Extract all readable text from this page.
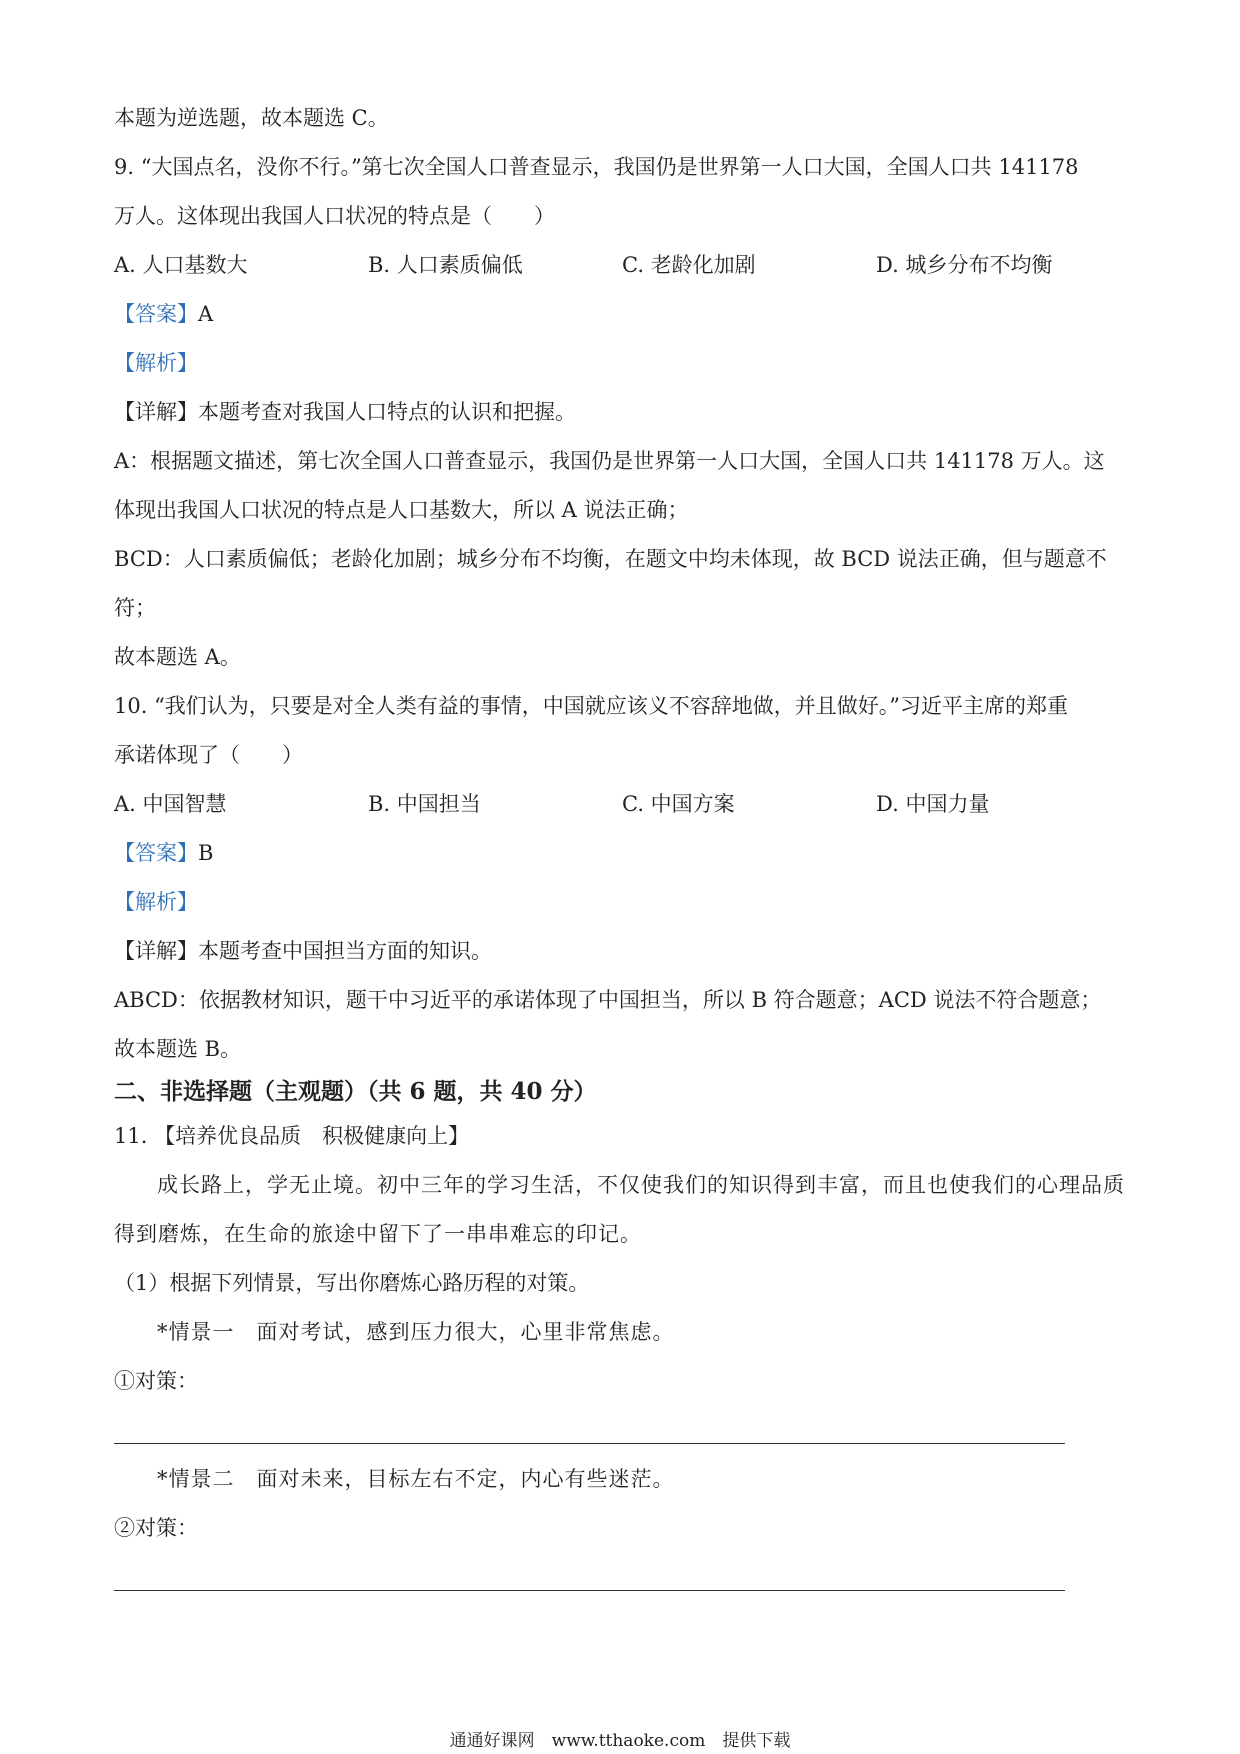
本题为逆选题，故本题选 C。
9. “大国点名，没你不行。”第七次全国人口普查显示，我国仍是世界第一人口大国，全国人口共 141178
万人。这体现出我国人口状况的特点是（　　）
A. 人口基数大	B. 人口素质偏低	C. 老龄化加剧	D. 城乡分布不均衡
【答案】A
【解析】
【详解】本题考查对我国人口特点的认识和把握。
A：根据题文描述，第七次全国人口普查显示，我国仍是世界第一人口大国，全国人口共 141178 万人。这
体现出我国人口状况的特点是人口基数大，所以 A 说法正确；
BCD：人口素质偏低；老龄化加剧；城乡分布不均衡，在题文中均未体现，故 BCD 说法正确，但与题意不
符；
故本题选 A。
10. “我们认为，只要是对全人类有益的事情，中国就应该义不容辞地做，并且做好。”习近平主席的郑重
承诺体现了（　　）
A. 中国智慧	B. 中国担当	C. 中国方案	D. 中国力量
【答案】B
【解析】
【详解】本题考查中国担当方面的知识。
ABCD：依据教材知识，题干中习近平的承诺体现了中国担当，所以 B 符合题意；ACD 说法不符合题意；
故本题选 B。
二、非选择题（主观题）（共 6 题，共 40 分）
11. 【培养优良品质　积极健康向上】
成长路上，学无止境。初中三年的学习生活，不仅使我们的知识得到丰富，而且也使我们的心理品质
得到磨炼，在生命的旅途中留下了一串串难忘的印记。
（1）根据下列情景，写出你磨炼心路历程的对策。
*情景一　面对考试，感到压力很大，心里非常焦虑。
①对策：
*情景二　面对未来，目标左右不定，内心有些迷茫。
②对策：
通通好课网　www.tthaoke.com　提供下载
